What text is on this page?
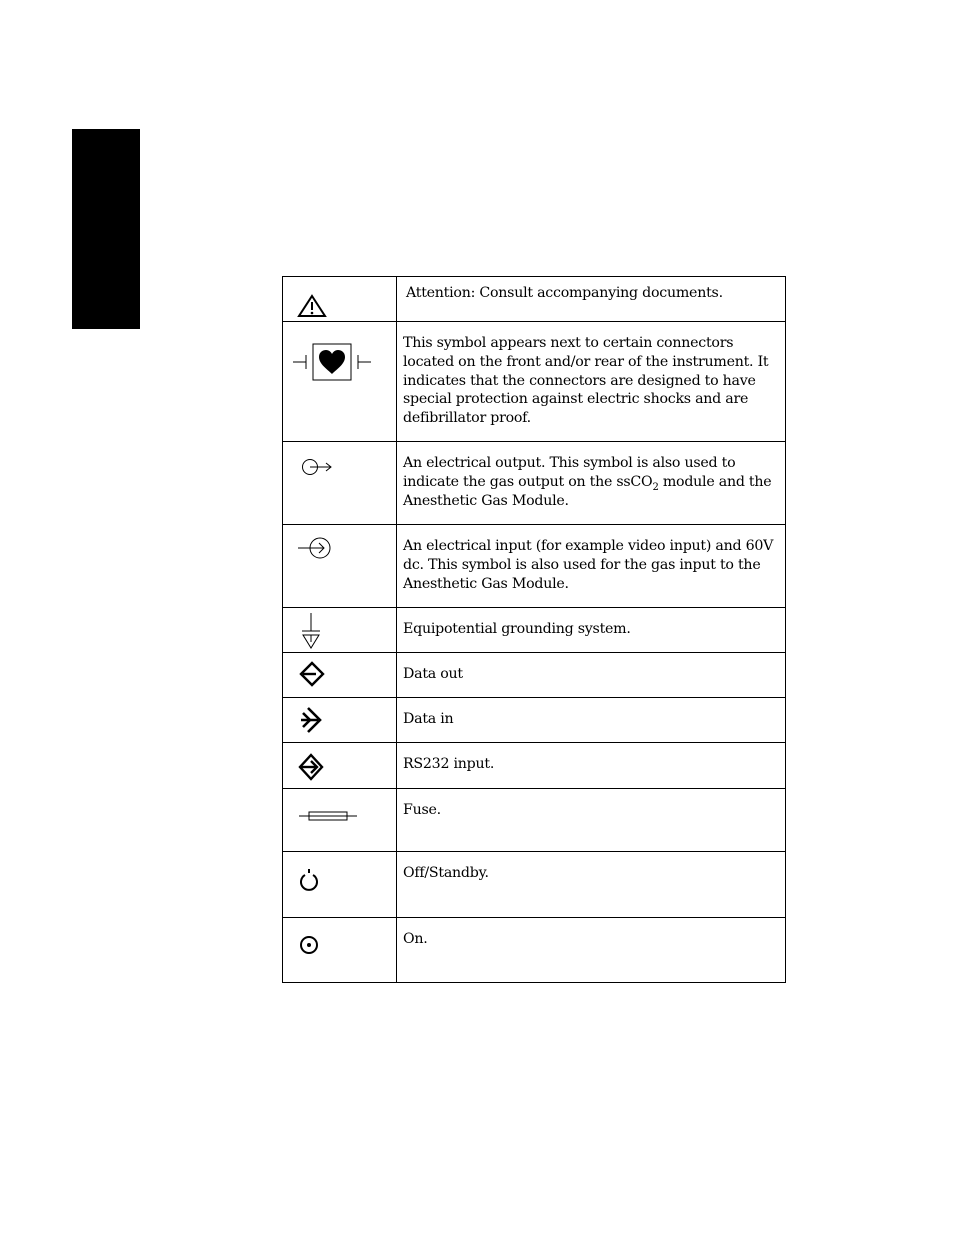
	Attention: Consult accompanying documents.

	This symbol appears next to certain connectors located on the front and/or rear of the instrument. It indicates that the connectors are designed to have special protection against electric shocks and are defibrillator proof.

	An electrical output. This symbol is also used to indicate the gas output on the ssCO$_2$ module and the Anesthetic Gas Module.

	An electrical input (for example video input) and 60V dc. This symbol is also used for the gas input to the Anesthetic Gas Module.

	Equipotential grounding system.

	Data out

	Data in

	RS232 input.

	Fuse.

	Off/Standby.

	On.
